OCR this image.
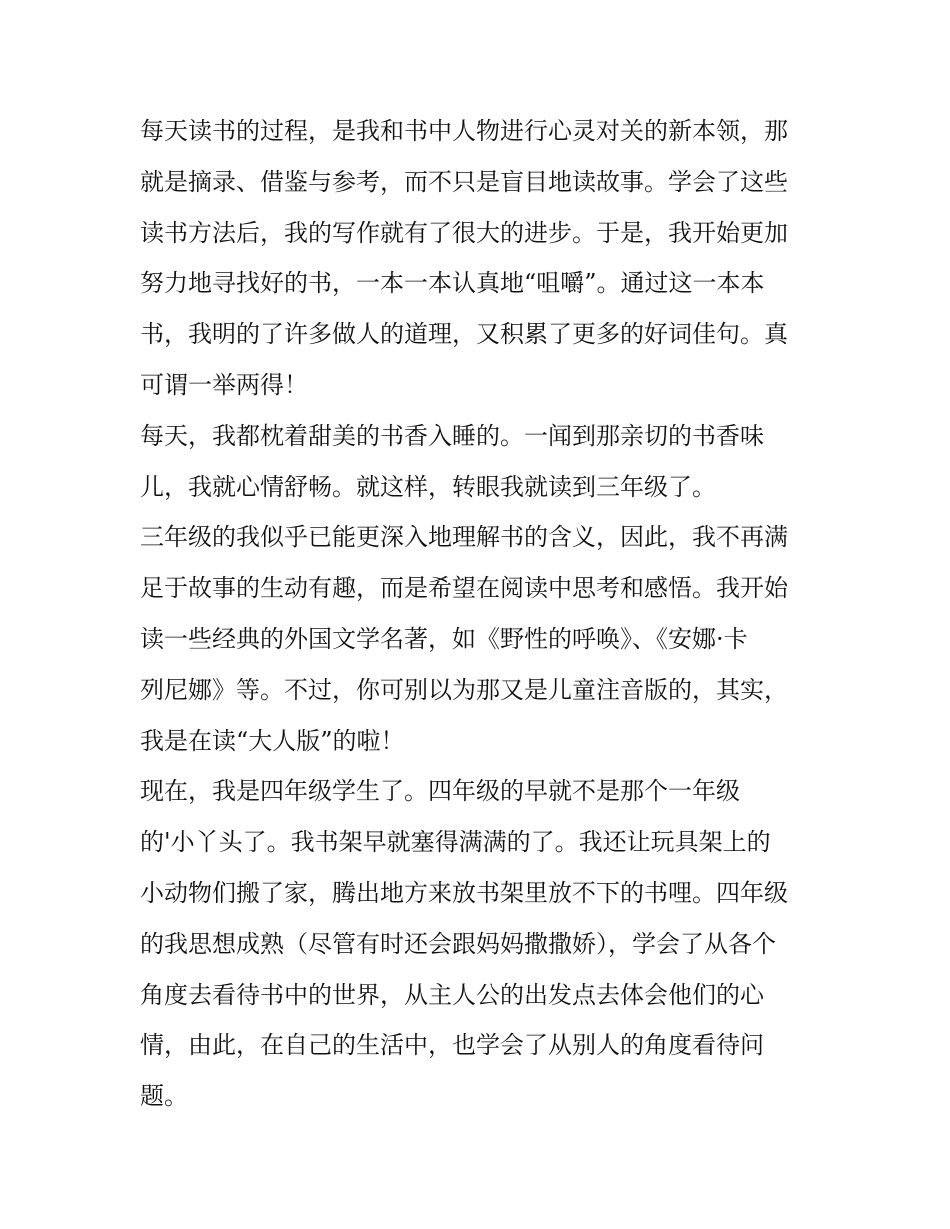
每天读书的过程，是我和书中人物进行心灵对关的新本领，那
就是摘录、借鉴与参考，而不只是盲目地读故事。学会了这些
读书方法后，我的写作就有了很大的进步。于是，我开始更加
努力地寻找好的书，一本一本认真地“咀嚼”。通过这一本本
书，我明的了许多做人的道理，又积累了更多的好词佳句。真
可谓一举两得！
每天，我都枕着甜美的书香入睡的。一闻到那亲切的书香味
儿，我就心情舒畅。就这样，转眼我就读到三年级了。
三年级的我似乎已能更深入地理解书的含义，因此，我不再满
足于故事的生动有趣，而是希望在阅读中思考和感悟。我开始
读一些经典的外国文学名著，如《野性的呼唤》、《安娜·卡
列尼娜》等。不过，你可别以为那又是儿童注音版的，其实，
我是在读“大人版”的啦！
现在，我是四年级学生了。四年级的早就不是那个一年级
的'小丫头了。我书架早就塞得满满的了。我还让玩具架上的
小动物们搬了家，腾出地方来放书架里放不下的书哩。四年级
的我思想成熟（尽管有时还会跟妈妈撒撒娇），学会了从各个
角度去看待书中的世界，从主人公的出发点去体会他们的心
情，由此，在自己的生活中，也学会了从别人的角度看待问
题。
